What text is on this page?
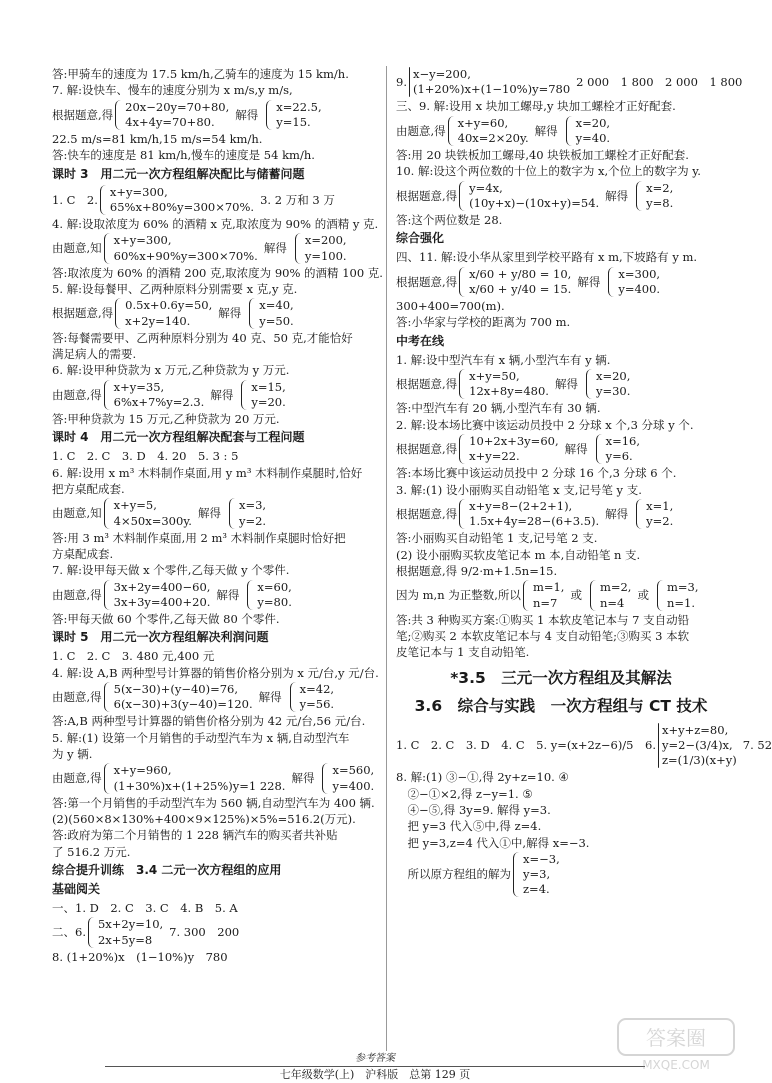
答:甲骑车的速度为 17.5 km/h,乙骑车的速度为 15 km/h.
7. 解:设快车、慢车的速度分别为 x m/s,y m/s,
根据题意,得
20x−20y=70+80,
4x+4y=70+80.
解得
x=22.5,
y=15.
22.5 m/s=81 km/h,15 m/s=54 km/h.
答:快车的速度是 81 km/h,慢车的速度是 54 km/h.
课时 3　用二元一次方程组解决配比与储蓄问题
1. C　2.
x+y=300,
65%x+80%y=300×70%.
3. 2 万和 3 万
4. 解:设取浓度为 60% 的酒精 x 克,取浓度为 90% 的酒精 y 克.
由题意,知
x+y=300,
60%x+90%y=300×70%.
解得
x=200,
y=100.
答:取浓度为 60% 的酒精 200 克,取浓度为 90% 的酒精 100 克.
5. 解:设每餐甲、乙两种原料分别需要 x 克,y 克.
根据题意,得
0.5x+0.6y=50,
x+2y=140.
解得
x=40,
y=50.
答:每餐需要甲、乙两种原料分别为 40 克、50 克,才能恰好
满足病人的需要.
6. 解:设甲种贷款为 x 万元,乙种贷款为 y 万元.
由题意,得
x+y=35,
6%x+7%y=2.3.
解得
x=15,
y=20.
答:甲种贷款为 15 万元,乙种贷款为 20 万元.
课时 4　用二元一次方程组解决配套与工程问题
1. C　2. C　3. D　4. 20　5. 3 : 5
6. 解:设用 x m³ 木料制作桌面,用 y m³ 木料制作桌腿时,恰好
把方桌配成套.
由题意,知
x+y=5,
4×50x=300y.
解得
x=3,
y=2.
答:用 3 m³ 木料制作桌面,用 2 m³ 木料制作桌腿时恰好把
方桌配成套.
7. 解:设甲每天做 x 个零件,乙每天做 y 个零件.
由题意,得
3x+2y=400−60,
3x+3y=400+20.
解得
x=60,
y=80.
答:甲每天做 60 个零件,乙每天做 80 个零件.
课时 5　用二元一次方程组解决利润问题
1. C　2. C　3. 480 元,400 元
4. 解:设 A,B 两种型号计算器的销售价格分别为 x 元/台,y 元/台.
由题意,得
5(x−30)+(y−40)=76,
6(x−30)+3(y−40)=120.
解得
x=42,
y=56.
答:A,B 两种型号计算器的销售价格分别为 42 元/台,56 元/台.
5. 解:(1) 设第一个月销售的手动型汽车为 x 辆,自动型汽车
为 y 辆.
由题意,得
x+y=960,
(1+30%)x+(1+25%)y=1 228.
解得
x=560,
y=400.
答:第一个月销售的手动型汽车为 560 辆,自动型汽车为 400 辆.
(2)(560×8×130%+400×9×125%)×5%=516.2(万元).
答:政府为第二个月销售的 1 228 辆汽车的购买者共补贴
了 516.2 万元.
综合提升训练　3.4 二元一次方程组的应用
基础阅关
一、1. D　2. C　3. C　4. B　5. A
二、6.
5x+2y=10,
2x+5y=8
7. 300　200
8. (1+20%)x　(1−10%)y　780
9.
x−y=200,
(1+20%)x+(1−10%)y=780
2 000　1 800　2 000　1 800
三、9. 解:设用 x 块加工螺母,y 块加工螺栓才正好配套.
由题意,得
x+y=60,
40x=2×20y.
解得
x=20,
y=40.
答:用 20 块铁板加工螺母,40 块铁板加工螺栓才正好配套.
10. 解:设这个两位数的十位上的数字为 x,个位上的数字为 y.
根据题意,得
y=4x,
(10y+x)−(10x+y)=54.
解得
x=2,
y=8.
答:这个两位数是 28.
综合强化
四、11. 解:设小华从家里到学校平路有 x m,下坡路有 y m.
根据题意,得
x/60 + y/80 = 10,
x/60 + y/40 = 15.
解得
x=300,
y=400.
300+400=700(m).
答:小华家与学校的距离为 700 m.
中考在线
1. 解:设中型汽车有 x 辆,小型汽车有 y 辆.
根据题意,得
x+y=50,
12x+8y=480.
解得
x=20,
y=30.
答:中型汽车有 20 辆,小型汽车有 30 辆.
2. 解:设本场比赛中该运动员投中 2 分球 x 个,3 分球 y 个.
根据题意,得
10+2x+3y=60,
x+y=22.
解得
x=16,
y=6.
答:本场比赛中该运动员投中 2 分球 16 个,3 分球 6 个.
3. 解:(1) 设小丽购买自动铅笔 x 支,记号笔 y 支.
根据题意,得
x+y=8−(2+2+1),
1.5x+4y=28−(6+3.5).
解得
x=1,
y=2.
答:小丽购买自动铅笔 1 支,记号笔 2 支.
(2) 设小丽购买软皮笔记本 m 本,自动铅笔 n 支.
根据题意,得 9/2·m+1.5n=15.
因为 m,n 为正整数,所以
m=1,
n=7
或
m=2,
n=4
或
m=3,
n=1.
答:共 3 种购买方案:①购买 1 本软皮笔记本与 7 支自动铅
笔;②购买 2 本软皮笔记本与 4 支自动铅笔;③购买 3 本软
皮笔记本与 1 支自动铅笔.
*3.5　三元一次方程组及其解法
3.6　综合与实践　一次方程组与 CT 技术
1. C　2. C　3. D　4. C　5. y=(x+2z−6)/5　6.
x+y+z=80,
y=2−(3/4)x,
z=(1/3)(x+y)
7. 52
8. 解:(1) ③−①,得 2y+z=10. ④
　②−①×2,得 z−y=1. ⑤
　④−⑤,得 3y=9. 解得 y=3.
　把 y=3 代入⑤中,得 z=4.
　把 y=3,z=4 代入①中,解得 x=−3.
　所以原方程组的解为
x=−3,
y=3,
z=4.
参考答案
七年级数学(上)　沪科版　总第 129 页
答案圈
MXQE.COM
